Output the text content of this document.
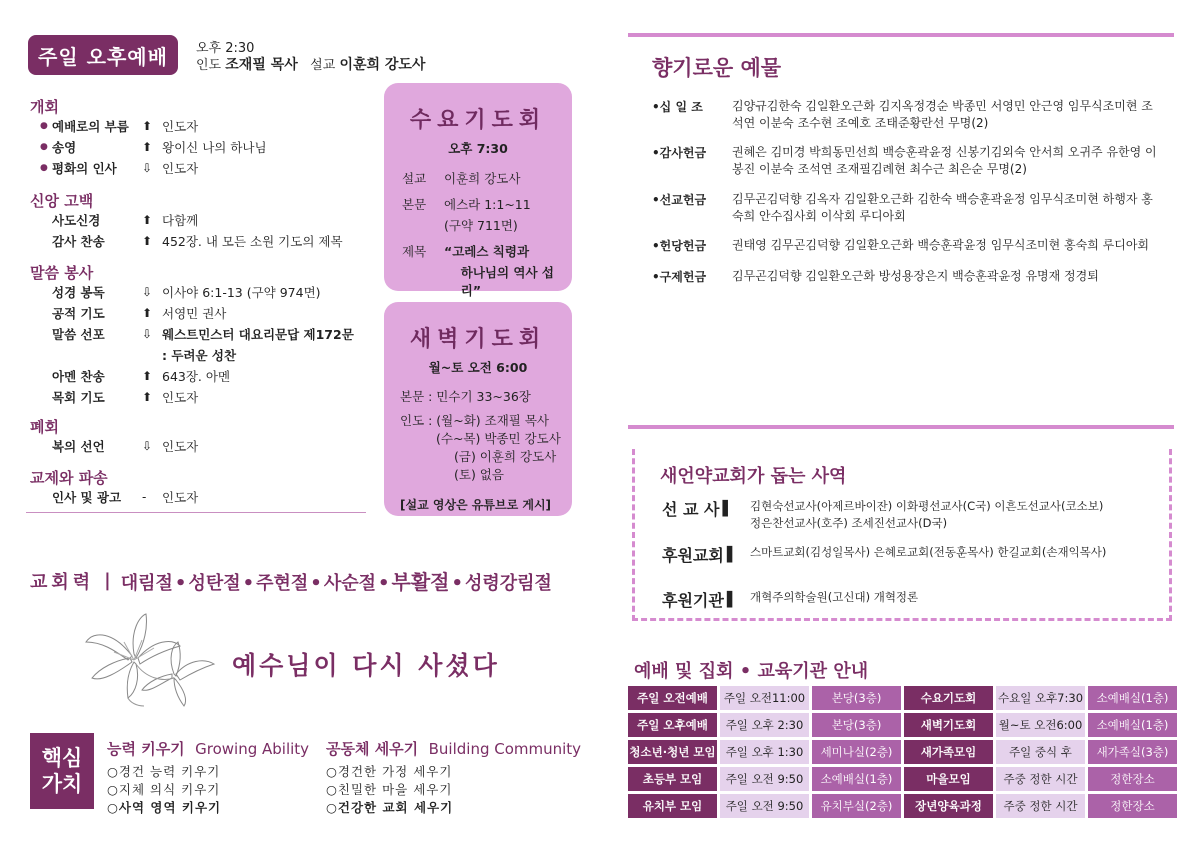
주일 오후예배	오후 2:30
인도 조재필 목사 설교 이훈희 강도사
개회
● 예배로의 부름	⬆ 인도자
● 송영	⬆ 왕이신 나의 하나님
● 평화의 인사	⇩ 인도자
신앙 고백
사도신경	⬆ 다함께
감사 찬송	⬆ 452장. 내 모든 소원 기도의 제목
말씀 봉사
성경 봉독	⇩ 이사야 6:1-13 (구약 974면)
공적 기도	⬆ 서영민 권사
말씀 선포	⇩ 웨스트민스터 대요리문답 제172문
: 두려운 성찬
아멘 찬송	⬆ 643장. 아멘
목회 기도	⬆ 인도자
폐회
복의 선언	⇩ 인도자
교제와 파송
인사 및 광고	-	인도자
수요기도회
오후 7:30
설교	이훈희 강도사
본문	에스라 1:1~11
(구약 711면)
제목	“고레스 칙령과
하나님의 역사 섭리”
새벽기도회
월~토 오전 6:00
본문 : 민수기 33~36장
인도 : (월~화) 조재필 목사
(수~목) 박종민 강도사
(금) 이훈희 강도사
(토) 없음
[설교 영상은 유튜브로 게시]
교회력 | 대림절 • 성탄절 • 주현절 • 사순절 • 부활절 • 성령강림절
예수님이 다시 사셨다
핵심
가치
능력 키우기 Growing Ability
○경건 능력 키우기
○지체 의식 키우기
○사역 영역 키우기
공동체 세우기 Building Community
○경건한 가정 세우기
○친밀한 마을 세우기
○건강한 교회 세우기
향기로운 예물
•십 일 조	김양규김한숙 김일환오근화 김지옥정경순 박종민 서영민 안근영 임무식조미현 조석연 이분숙 조수현 조예호 조태준황란선 무명(2)
•감사헌금	권혜은 김미경 박희동민선희 백승훈곽윤정 신봉기김외숙 안서희 오귀주 유한영 이봉진 이분숙 조석연 조재필김례현 최수근 최은순 무명(2)
•선교헌금	김무곤김덕향 김옥자 김일환오근화 김한숙 백승훈곽윤정 임무식조미현 하행자 홍숙희 안수집사회 이삭회 루디아회
•헌당헌금	권태영 김무곤김덕향 김일환오근화 백승훈곽윤정 임무식조미현 홍숙희 루디아회
•구제헌금	김무곤김덕향 김일환오근화 방성용장은지 백승훈곽윤정 유명재 정경퇴
새언약교회가 돕는 사역
선 교 사 ▌ 김현숙선교사(아제르바이잔) 이화평선교사(C국) 이흔도선교사(코소보)
정은찬선교사(호주) 조세진선교사(D국)
후원교회 ▌ 스마트교회(김성일목사) 은혜로교회(전동훈목사) 한길교회(손재익목사)
후원기관 ▌ 개혁주의학술원(고신대) 개혁정론
예배 및 집회 • 교육기관 안내
주일 오전예배	주일 오전11:00	본당(3층)	수요기도회	수요일 오후7:30	소예배실(1층)
주일 오후예배	주일 오후 2:30	본당(3층)	새벽기도회	월~토 오전6:00	소예배실(1층)
청소년·청년 모임 주일 오후 1:30	세미나실(2층)	새가족모임	주일 중식 후	새가족실(3층)
초등부 모임	주일 오전 9:50	소예배실(1층)	마을모임	주중 정한 시간	정한장소
유치부 모임	주일 오전 9:50	유치부실(2층)	장년양육과정	주중 정한 시간	정한장소
